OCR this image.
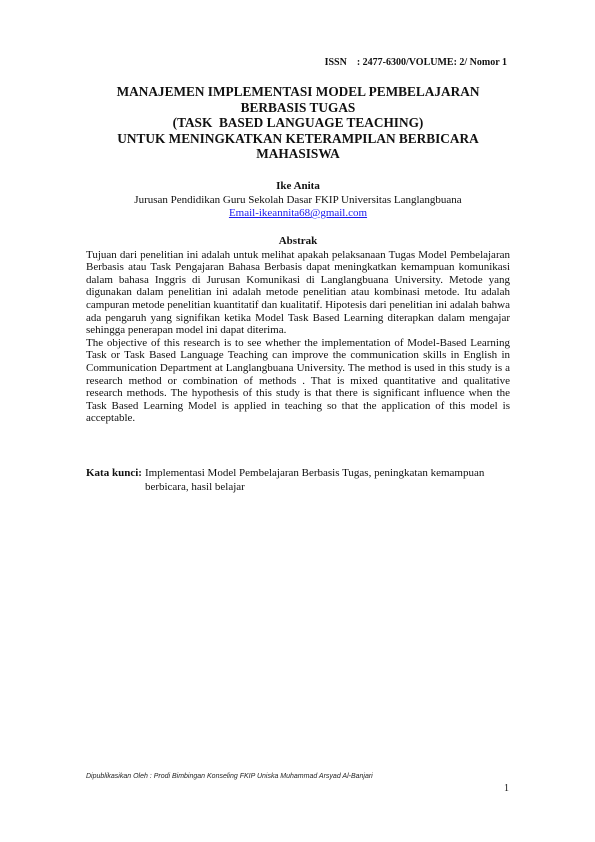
ISSN    : 2477-6300/VOLUME: 2/ Nomor 1
MANAJEMEN IMPLEMENTASI MODEL PEMBELAJARAN
BERBASIS TUGAS
(TASK  BASED LANGUAGE TEACHING)
UNTUK MENINGKATKAN KETERAMPILAN BERBICARA
MAHASISWA
Ike Anita
Jurusan Pendidikan Guru Sekolah Dasar FKIP Universitas Langlangbuana
Email-ikeannita68@gmail.com
Abstrak

Tujuan dari penelitian ini adalah untuk melihat apakah pelaksanaan Tugas Model Pembelajaran Berbasis atau Task Pengajaran Bahasa Berbasis dapat meningkatkan kemampuan komunikasi dalam bahasa Inggris di Jurusan Komunikasi di Langlangbuana University. Metode yang digunakan dalam penelitian ini adalah metode penelitian atau kombinasi metode. Itu adalah campuran metode penelitian kuantitatif dan kualitatif. Hipotesis dari penelitian ini adalah bahwa ada pengaruh yang signifikan ketika Model Task Based Learning diterapkan dalam mengajar sehingga penerapan model ini dapat diterima.

The objective of this research is to see whether the implementation of Model-Based Learning Task or Task Based Language Teaching can improve the communication skills in English in Communication Department at Langlangbuana University. The method is used in this study is a research method or combination of methods . That is mixed quantitative and qualitative research methods. The hypothesis of this study is that there is significant influence when the Task Based Learning Model is applied in teaching so that the application of this model is acceptable.

Kata kunci: Implementasi Model Pembelajaran Berbasis Tugas, peningkatan kemampuan berbicara, hasil belajar
Dipublikasikan Oleh : Prodi Bimbingan Konseling FKIP Uniska Muhammad Arsyad Al-Banjari
1
